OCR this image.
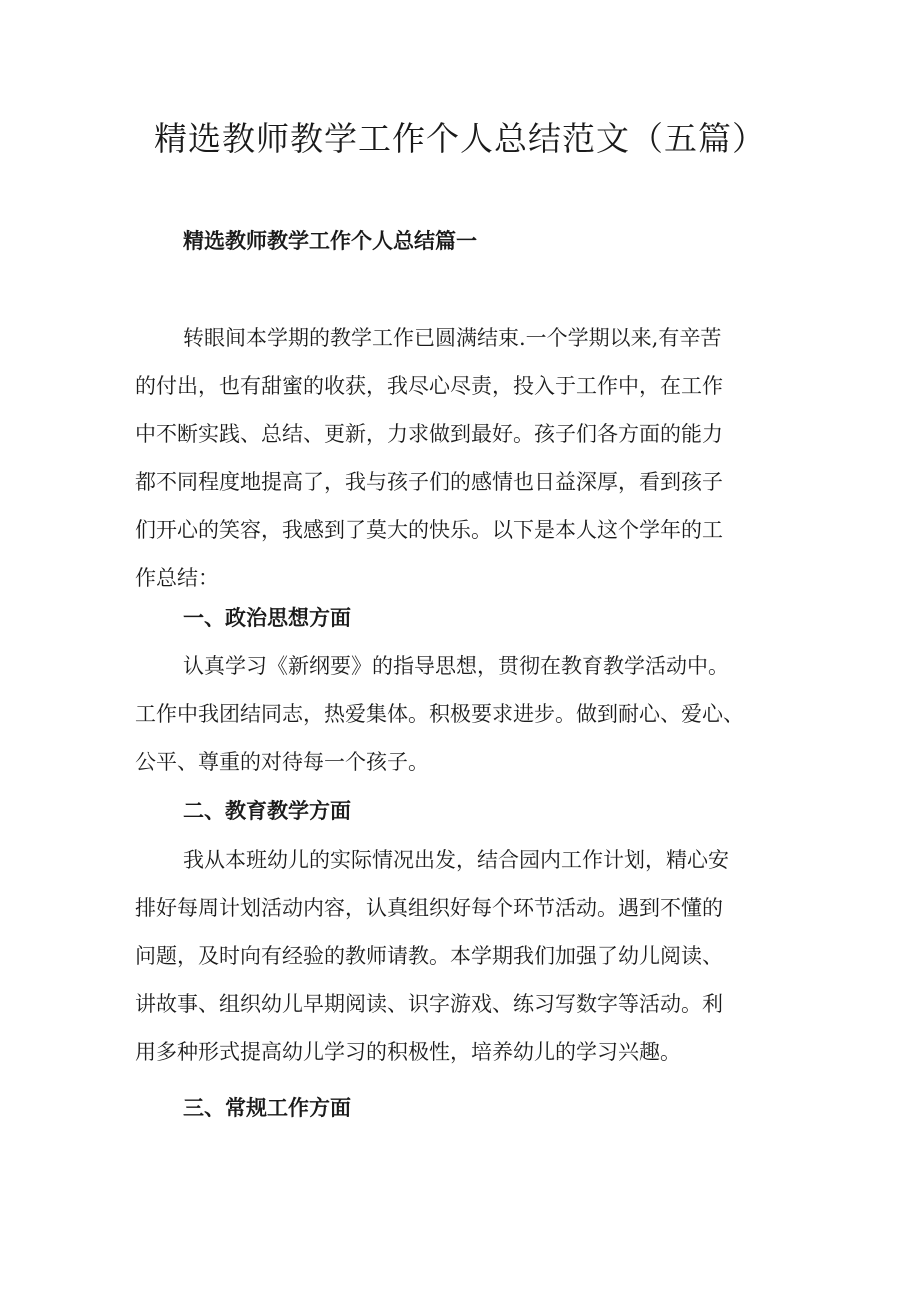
精选教师教学工作个人总结范文（五篇）
精选教师教学工作个人总结篇一

转眼间本学期的教学工作已圆满结束.一个学期以来,有辛苦
的付出，也有甜蜜的收获，我尽心尽责，投入于工作中，在工作
中不断实践、总结、更新，力求做到最好。孩子们各方面的能力
都不同程度地提高了，我与孩子们的感情也日益深厚，看到孩子
们开心的笑容，我感到了莫大的快乐。以下是本人这个学年的工
作总结：

一、政治思想方面

认真学习《新纲要》的指导思想，贯彻在教育教学活动中。
工作中我团结同志，热爱集体。积极要求进步。做到耐心、爱心、
公平、尊重的对待每一个孩子。

二、教育教学方面

我从本班幼儿的实际情况出发，结合园内工作计划，精心安
排好每周计划活动内容，认真组织好每个环节活动。遇到不懂的
问题，及时向有经验的教师请教。本学期我们加强了幼儿阅读、
讲故事、组织幼儿早期阅读、识字游戏、练习写数字等活动。利
用多种形式提高幼儿学习的积极性，培养幼儿的学习兴趣。

三、常规工作方面
